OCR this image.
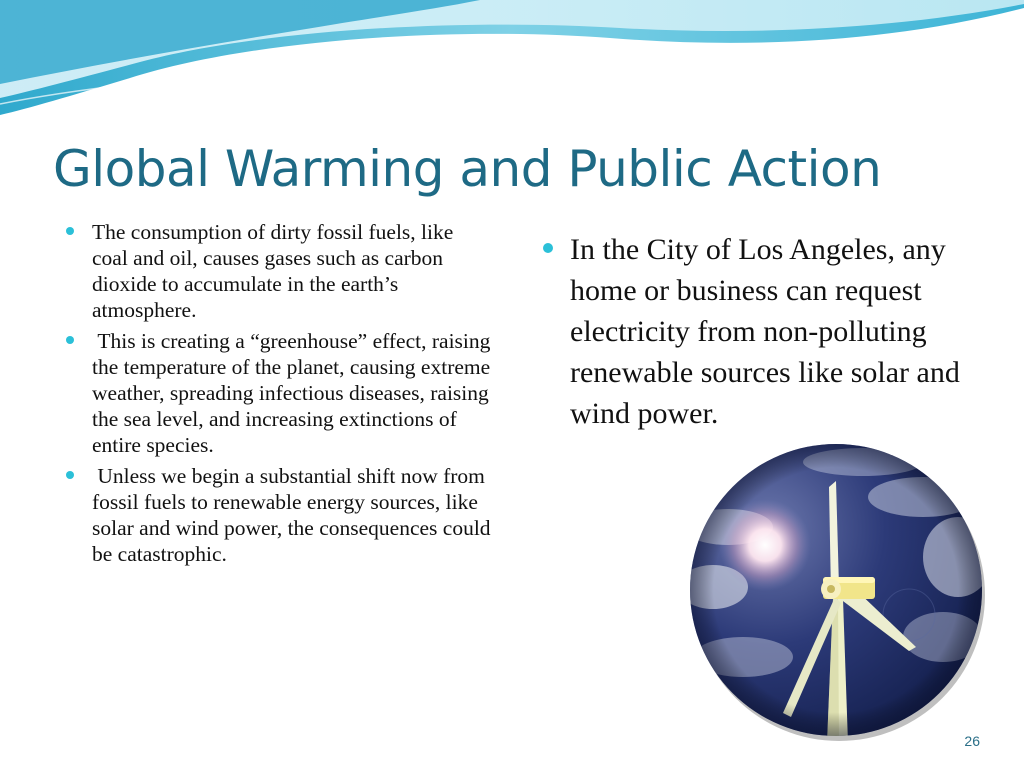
Global Warming and Public Action
The consumption of dirty fossil fuels, like coal and oil, causes gases such as carbon dioxide to accumulate in the earth’s atmosphere.
This is creating a “greenhouse” effect, raising the temperature of the planet, causing extreme weather, spreading infectious diseases, raising the sea level, and increasing extinctions of entire species.
Unless we begin a substantial shift now from fossil fuels to renewable energy sources, like solar and wind power, the consequences could be catastrophic.
In the City of Los Angeles, any home or business can request electricity from non-polluting renewable sources like solar and wind power.
26
